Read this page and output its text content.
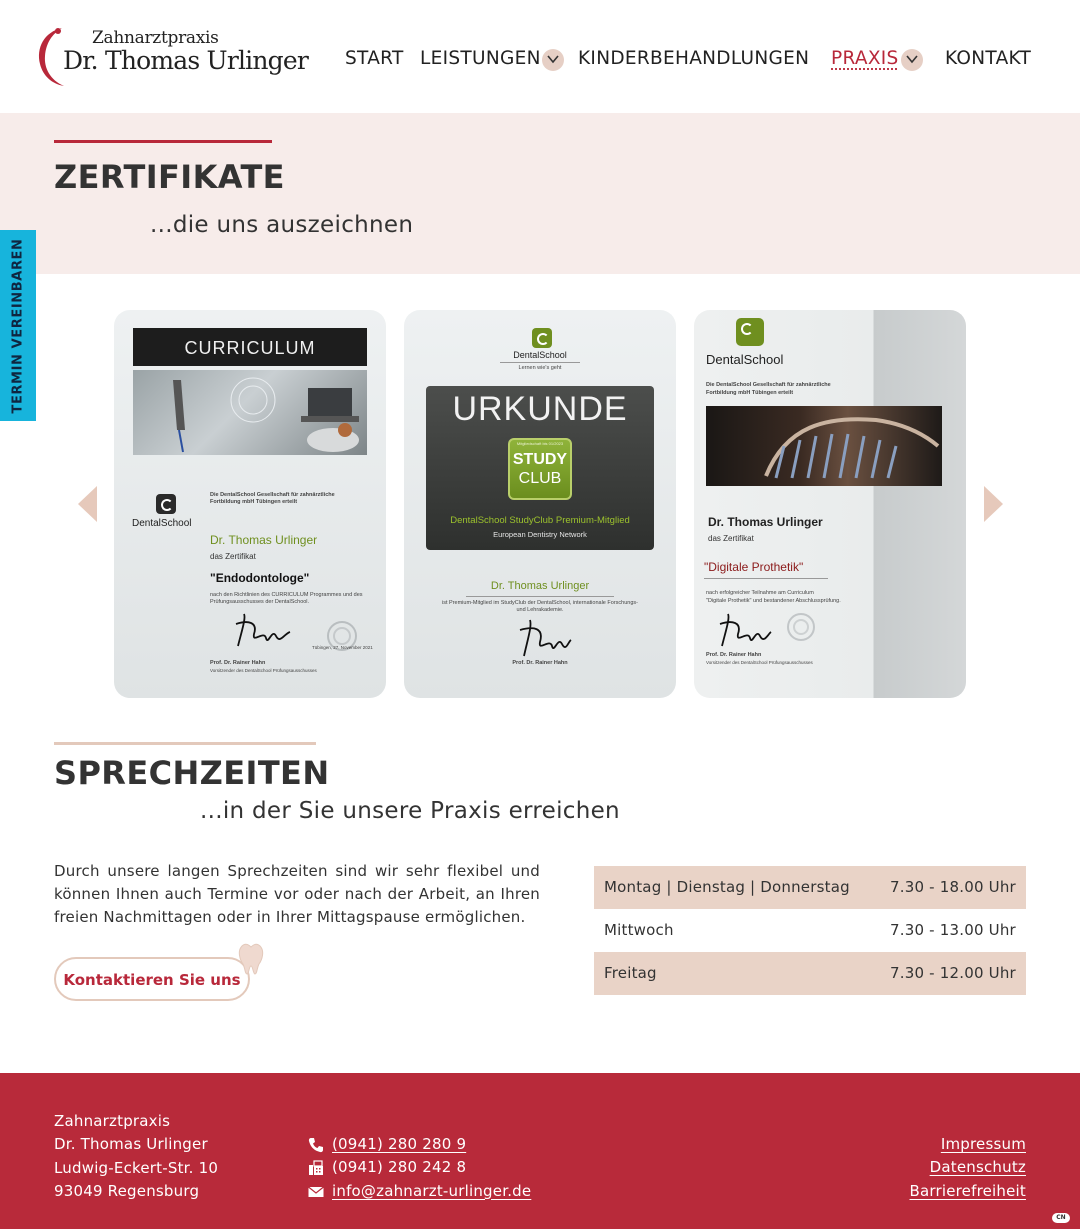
Zahnarztpraxis
Dr. Thomas Urlinger START LEISTUNGEN KINDERBEHANDLUNGEN PRAXIS	KONTAKT
ZERTIFIKATE
...die uns auszeichnen
TERMIN VEREINBAREN	CURRICULUM
DentalSchool
Die DentalSchool Gesellschaft für zahnärztliche
Fortbildung mbH Tübingen erteilt
Dr. Thomas Urlinger
das Zertifikat
"Endodontologe"
nach den Richtlinien des CURRICULUM Programmes und des
Prüfungsausschusses der DentalSchool.
Tübingen, 27. November 2021
Prof. Dr. Rainer Hahn
Vorsitzender des DentalSchool Prüfungsausschusses
DentalSchool
Lernen wie's geht
URKUNDE
Mitgliedschaft bis 01/2023
STUDY
CLUB
DentalSchool StudyClub Premium-Mitglied
European Dentistry Network
Dr. Thomas Urlinger
ist Premium-Mitglied im StudyClub der DentalSchool, internationale Forschungs-
und Lehrakademie.
Prof. Dr. Rainer Hahn
DentalSchool
Die DentalSchool Gesellschaft für zahnärztliche
Fortbildung mbH Tübingen erteilt
Dr. Thomas Urlinger
das Zertifikat
"Digitale Prothetik"
nach erfolgreicher Teilnahme am Curriculum
"Digitale Prothetik" und bestandener Abschlussprüfung.
Prof. Dr. Rainer Hahn
Vorsitzender des DentalSchool Prüfungsausschusses
SPRECHZEITEN
...in der Sie unsere Praxis erreichen

Durch unsere langen Sprechzeiten sind wir sehr flexibel und können Ihnen auch Termine vor oder nach der Arbeit, an Ihren freien Nachmittagen oder in Ihrer Mittagspause ermöglichen.

Kontaktieren Sie uns
Montag | Dienstag | Donnerstag	7.30 - 18.00 Uhr
Mittwoch	7.30 - 13.00 Uhr
Freitag	7.30 - 12.00 Uhr
Zahnarztpraxis
Dr. Thomas Urlinger
Ludwig-Eckert-Str. 10
93049 Regensburg
(0941) 280 280 9
(0941) 280 242 8
info@zahnarzt-urlinger.de
Impressum
Datenschutz
Barrierefreiheit
CN
